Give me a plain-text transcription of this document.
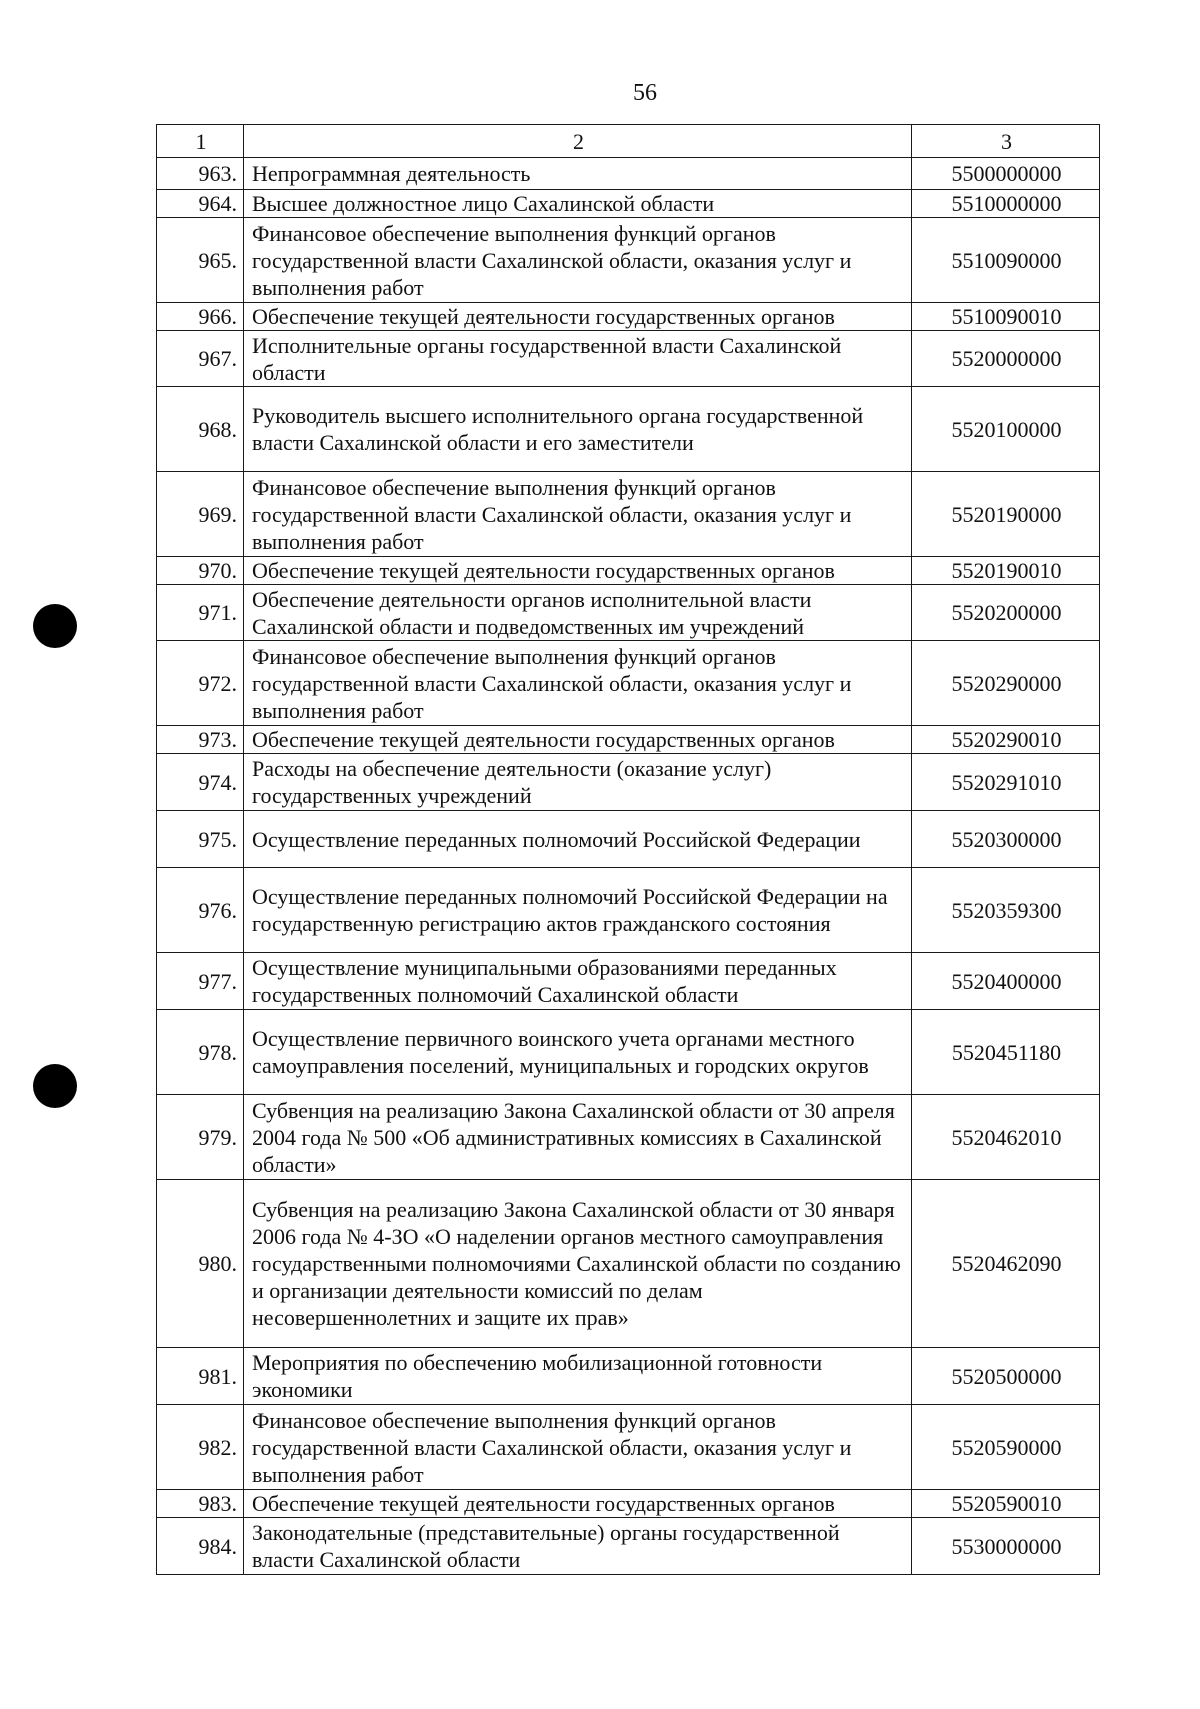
56
1	2	3
963.	Непрограммная деятельность	5500000000
964.	Высшее должностное лицо Сахалинской области	5510000000
965.	Финансовое обеспечение выполнения функций органов государственной власти Сахалинской области, оказания услуг и выполнения работ	5510090000
966.	Обеспечение текущей деятельности государственных органов	5510090010
967.	Исполнительные органы государственной власти Сахалинской области	5520000000
968.	Руководитель высшего исполнительного органа государственной власти Сахалинской области и его заместители	5520100000
969.	Финансовое обеспечение выполнения функций органов государственной власти Сахалинской области, оказания услуг и выполнения работ	5520190000
970.	Обеспечение текущей деятельности государственных органов	5520190010
971.	Обеспечение деятельности органов исполнительной власти Сахалинской области и подведомственных им учреждений	5520200000
972.	Финансовое обеспечение выполнения функций органов государственной власти Сахалинской области, оказания услуг и выполнения работ	5520290000
973.	Обеспечение текущей деятельности государственных органов	5520290010
974.	Расходы на обеспечение деятельности (оказание услуг) государственных учреждений	5520291010
975.	Осуществление переданных полномочий Российской Федерации	5520300000
976.	Осуществление переданных полномочий Российской Федерации на государственную регистрацию актов гражданского состояния	5520359300
977.	Осуществление муниципальными образованиями переданных государственных полномочий Сахалинской области	5520400000
978.	Осуществление первичного воинского учета органами местного самоуправления поселений, муниципальных и городских округов	5520451180
979.	Субвенция на реализацию Закона Сахалинской области от 30 апреля 2004 года № 500 «Об административных комиссиях в Сахалинской области»	5520462010
980.	Субвенция на реализацию Закона Сахалинской области от 30 января 2006 года № 4-ЗО «О наделении органов местного самоуправления государственными полномочиями Сахалинской области по созданию и организации деятельности комиссий по делам несовершеннолетних и защите их прав»	5520462090
981.	Мероприятия по обеспечению мобилизационной готовности экономики	5520500000
982.	Финансовое обеспечение выполнения функций органов государственной власти Сахалинской области, оказания услуг и выполнения работ	5520590000
983.	Обеспечение текущей деятельности государственных органов	5520590010
984.	Законодательные (представительные) органы государственной власти Сахалинской области	5530000000
